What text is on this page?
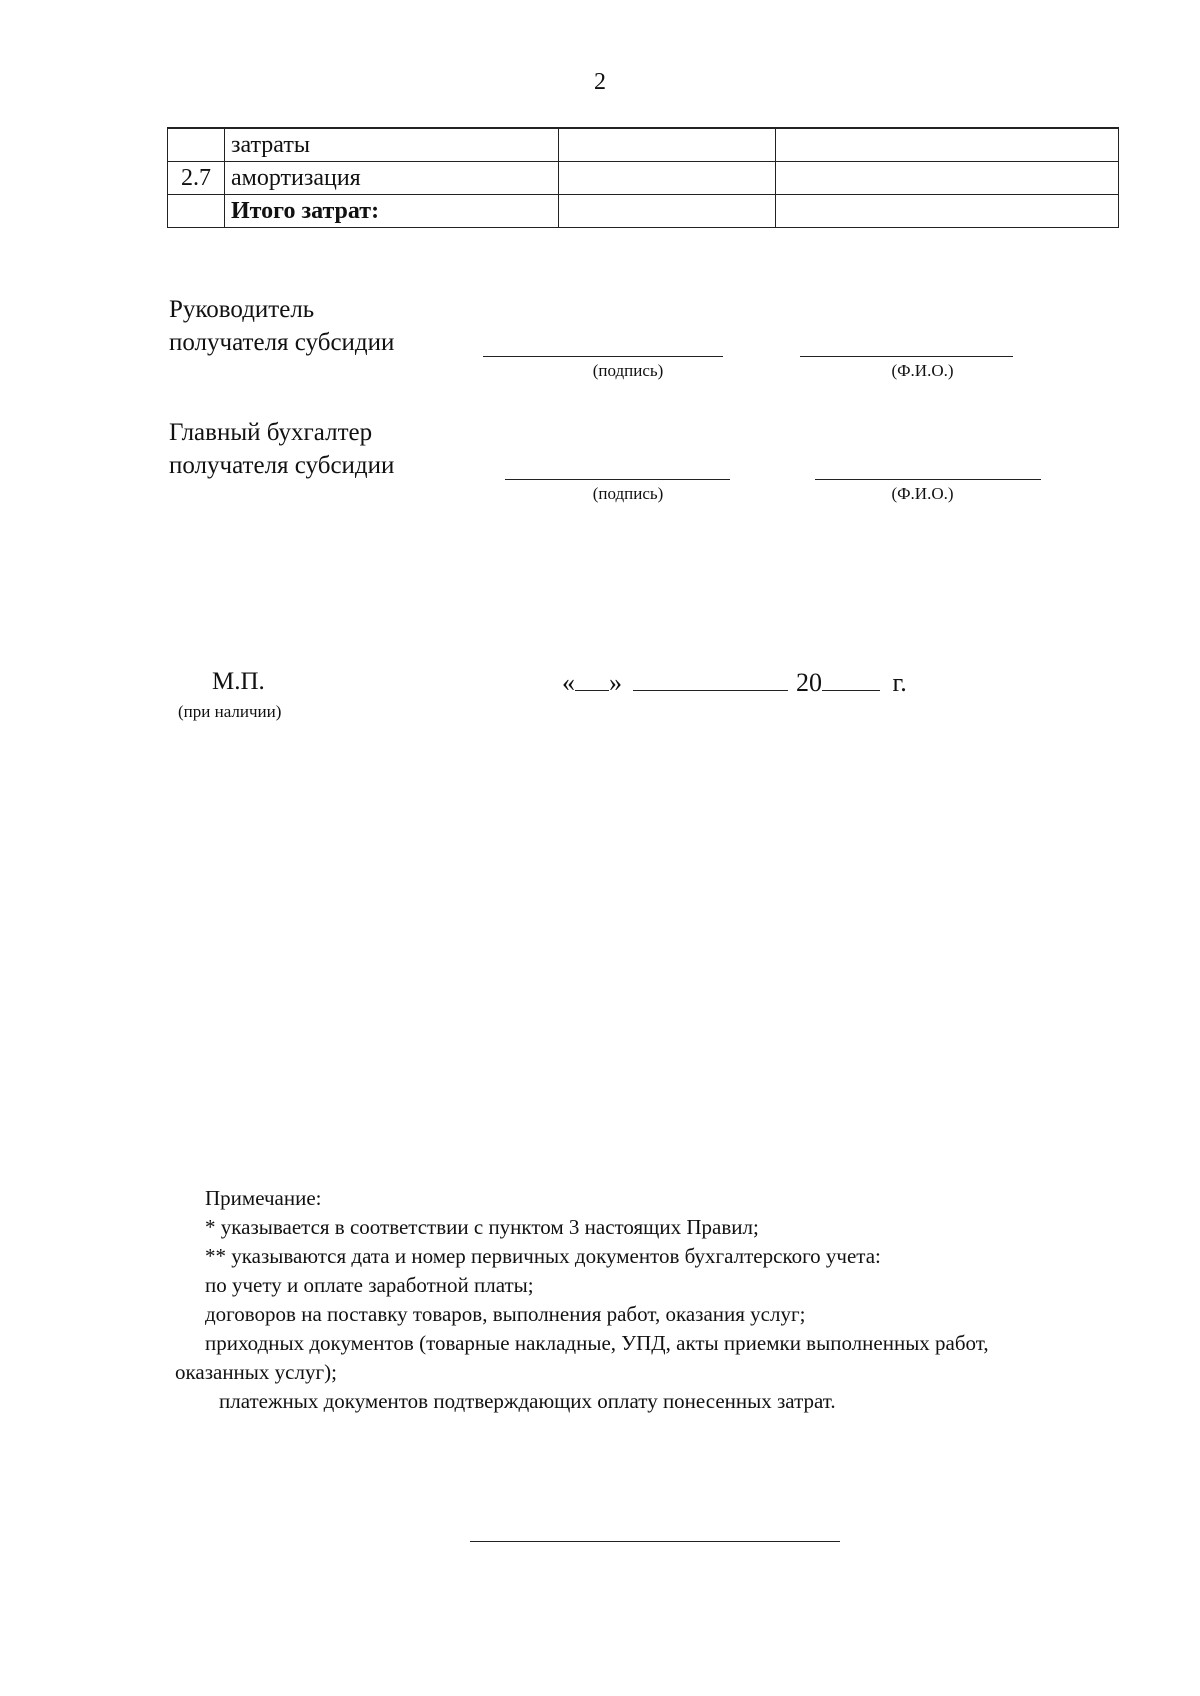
2
	затраты		
2.7	амортизация		
	Итого затрат:		
Руководитель
получателя субсидии
(подпись)	(Ф.И.О.)
Главный бухгалтер
получателя субсидии
(подпись)	(Ф.И.О.)
М.П.
(при наличии)
« »	20	г.
Примечание:
* указывается в соответствии с пунктом 3 настоящих Правил;
** указываются дата и номер первичных документов бухгалтерского учета:
по учету и оплате заработной платы;
договоров на поставку товаров, выполнения работ, оказания услуг;
приходных документов (товарные накладные, УПД, акты приемки выполненных работ,
оказанных услуг);
платежных документов подтверждающих оплату понесенных затрат.
